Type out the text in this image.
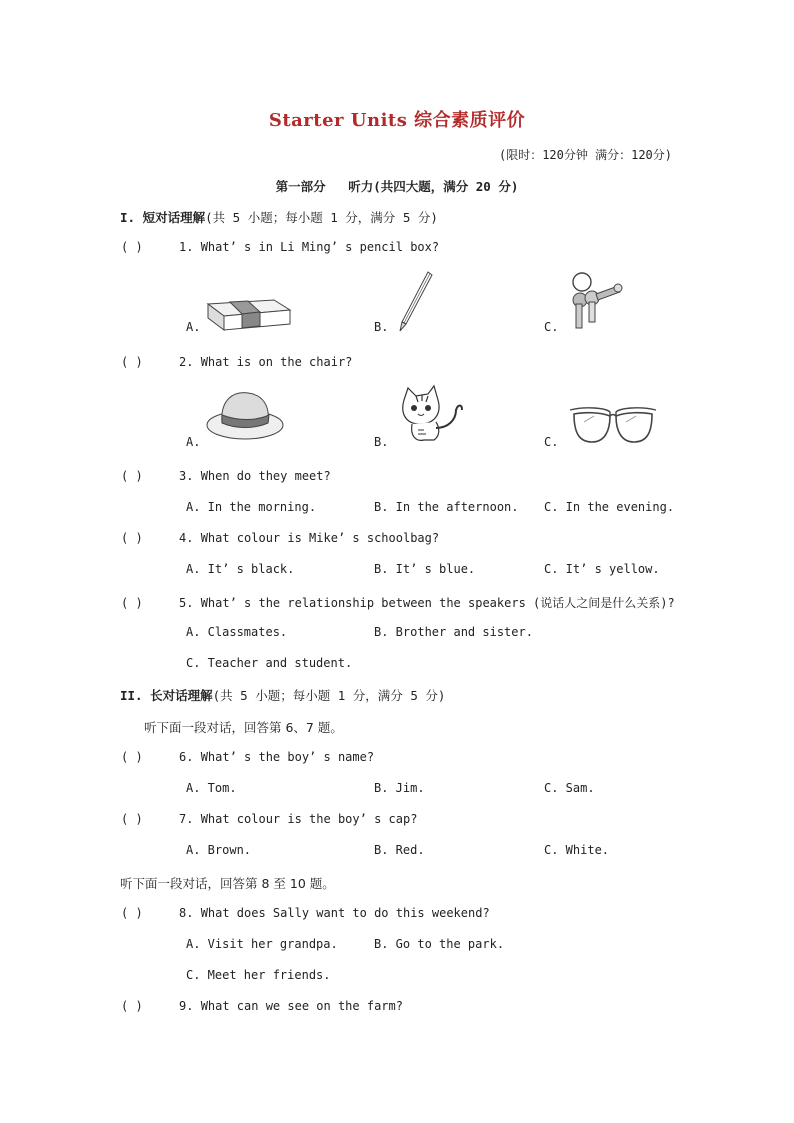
Starter Units 综合素质评价
(限时：120分钟 满分：120分)
第一部分 听力(共四大题，满分 20 分)
I. 短对话理解(共 5 小题；每小题 1 分，满分 5 分)
( )	1. What’ s in Li Ming’ s pencil box?
A.	B.	C.
( )	2. What is on the chair?
A.	B.	C.
( )	3. When do they meet?
A. In the morning.	B. In the afternoon. C. In the evening.
( )	4. What colour is Mike’ s schoolbag?
A. It’ s black.	B. It’ s blue.	C. It’ s yellow.
( )	5. What’ s the relationship between the speakers (说话人之间是什么关系)?
A. Classmates.	B. Brother and sister.
C. Teacher and student.
II. 长对话理解(共 5 小题；每小题 1 分，满分 5 分)
听下面一段对话，回答第 6、7 题。
( )	6. What’ s the boy’ s name?
A. Tom.	B. Jim.	C. Sam.
( )	7. What colour is the boy’ s cap?
A. Brown.	B. Red.	C. White.
听下面一段对话，回答第 8 至 10 题。
( )	8. What does Sally want to do this weekend?
A. Visit her grandpa.	B. Go to the park.
C. Meet her friends.
( )	9. What can we see on the farm?
